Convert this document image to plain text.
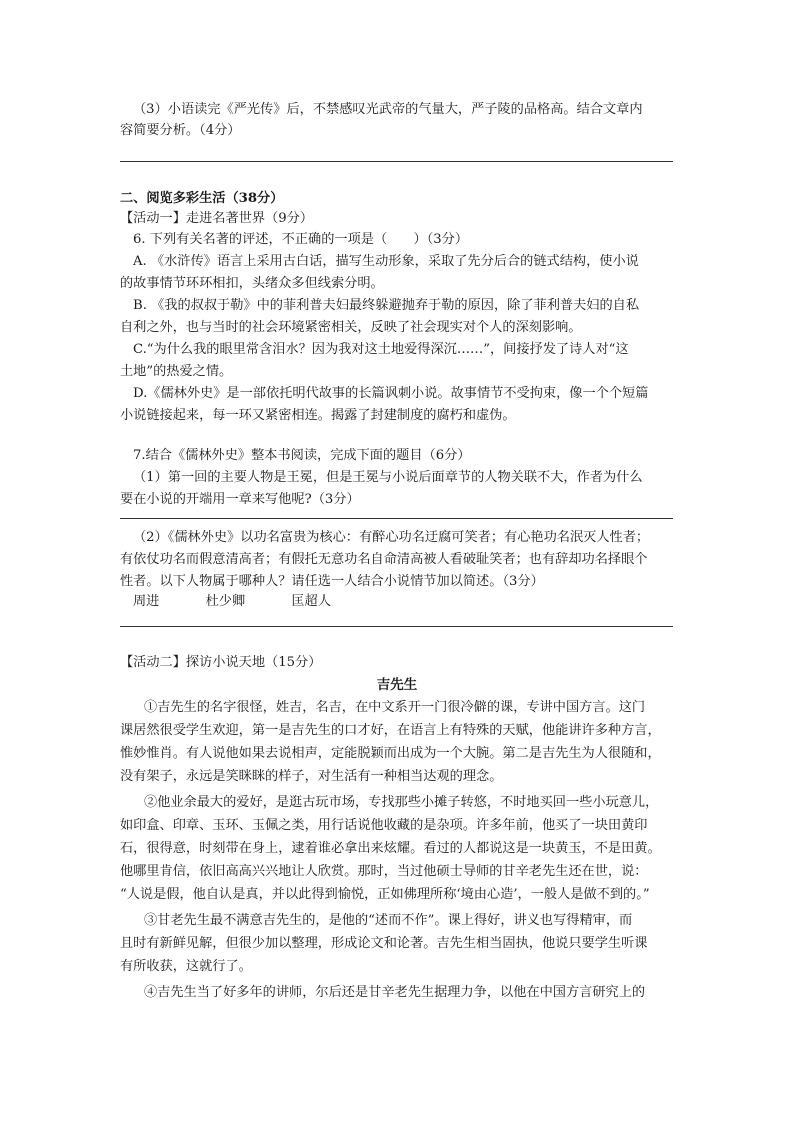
（3）小语读完《严光传》后，不禁感叹光武帝的气量大，严子陵的品格高。结合文章内
容简要分析。（4分）
二、阅览多彩生活（38分）
【活动一】走进名著世界（9分）
6. 下列有关名著的评述，不正确的一项是（　　）（3分）
A. 《水浒传》语言上采用古白话，描写生动形象，采取了先分后合的链式结构，使小说
的故事情节环环相扣，头绪众多但线索分明。
B. 《我的叔叔于勒》中的菲利普夫妇最终躲避抛弃于勒的原因，除了菲利普夫妇的自私
自利之外，也与当时的社会环境紧密相关，反映了社会现实对个人的深刻影响。
C.“为什么我的眼里常含泪水？因为我对这土地爱得深沉……”，间接抒发了诗人对“这
土地”的热爱之情。
D.《儒林外史》是一部依托明代故事的长篇讽刺小说。故事情节不受拘束，像一个个短篇
小说链接起来，每一环又紧密相连。揭露了封建制度的腐朽和虚伪。
7.结合《儒林外史》整本书阅读，完成下面的题目（6分）
（1）第一回的主要人物是王冕，但是王冕与小说后面章节的人物关联不大，作者为什么
要在小说的开端用一章来写他呢?（3分）
（2）《儒林外史》以功名富贵为核心：有醉心功名迂腐可笑者；有心艳功名泯灭人性者；
有依仗功名而假意清高者；有假托无意功名自命清高被人看破耻笑者；也有辞却功名择眼个
性者。以下人物属于哪种人？请任选一人结合小说情节加以简述。（3分）
周进	杜少卿	匡超人
【活动二】探访小说天地（15分）
吉先生
①吉先生的名字很怪，姓吉，名吉，在中文系开一门很冷僻的课，专讲中国方言。这门
课居然很受学生欢迎，第一是吉先生的口才好，在语言上有特殊的天赋，他能讲许多种方言，
惟妙惟肖。有人说他如果去说相声，定能脱颖而出成为一个大腕。第二是吉先生为人很随和，
没有架子，永远是笑眯眯的样子，对生活有一种相当达观的理念。
②他业余最大的爱好，是逛古玩市场，专找那些小摊子转悠，不时地买回一些小玩意儿，
如印盒、印章、玉环、玉佩之类，用行话说他收藏的是杂项。许多年前，他买了一块田黄印
石，很得意，时刻带在身上，逮着谁必拿出来炫耀。看过的人都说这是一块黄玉，不是田黄。
他哪里肯信，依旧高高兴兴地让人欣赏。那时，当过他硕士导师的甘辛老先生还在世，说：
“人说是假，他自认是真，并以此得到愉悦，正如佛理所称‘境由心造’，一般人是做不到的。”
③甘老先生最不满意吉先生的，是他的“述而不作”。课上得好，讲义也写得精审，而
且时有新鲜见解，但很少加以整理，形成论文和论著。吉先生相当固执，他说只要学生听课
有所收获，这就行了。
④吉先生当了好多年的讲师，尔后还是甘辛老先生据理力争，以他在中国方言研究上的
